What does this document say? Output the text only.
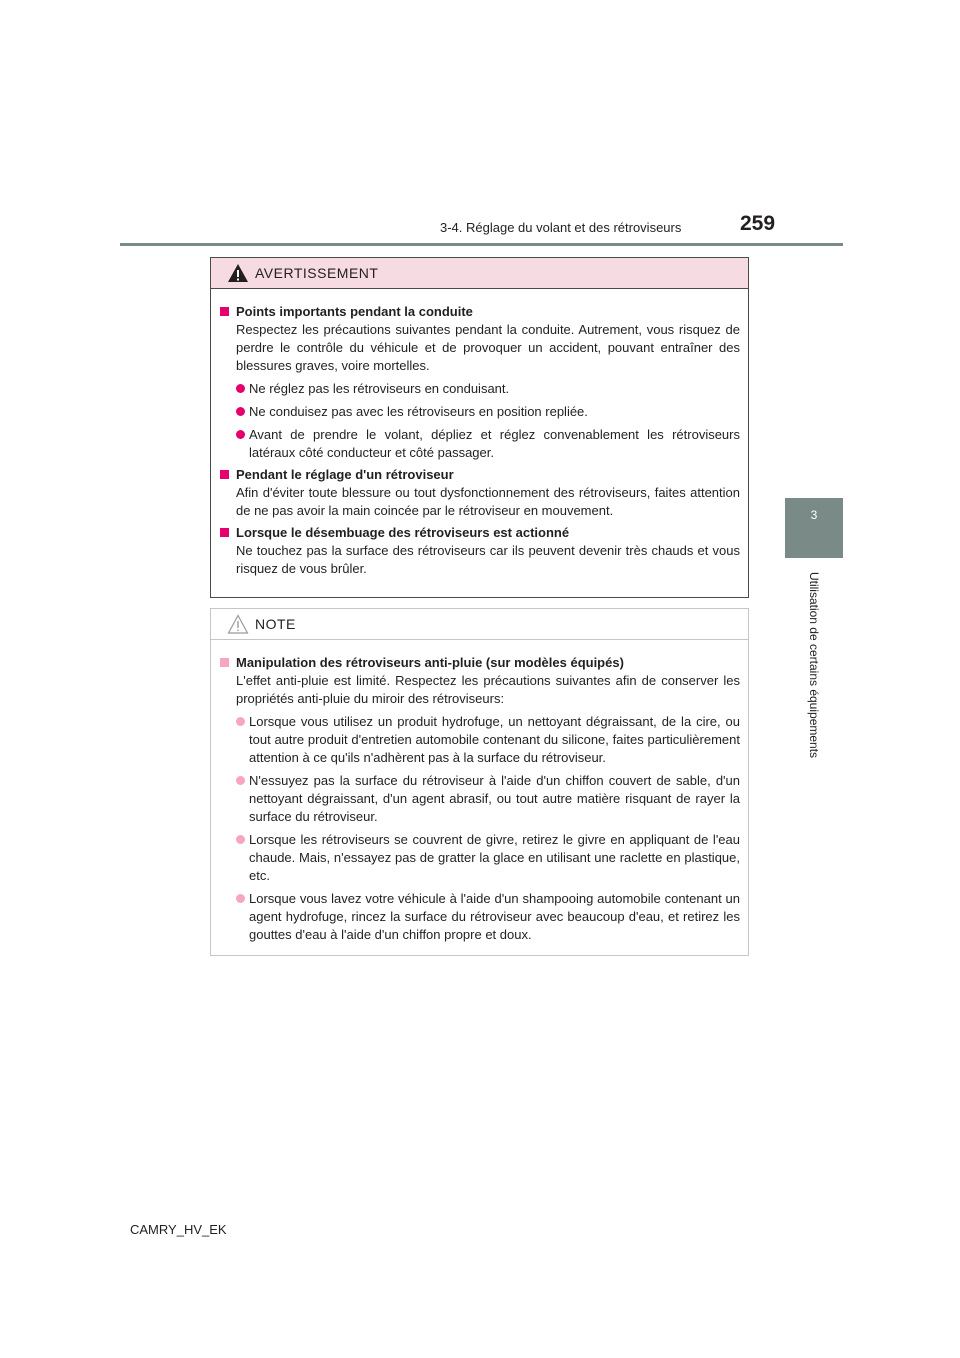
3-4. Réglage du volant et des rétroviseurs	259
3
Utilisation de certains équipements
AVERTISSEMENT
Points importants pendant la conduite
Respectez les précautions suivantes pendant la conduite. Autrement, vous risquez de perdre le contrôle du véhicule et de provoquer un accident, pouvant entraîner des blessures graves, voire mortelles.
Ne réglez pas les rétroviseurs en conduisant.
Ne conduisez pas avec les rétroviseurs en position repliée.
Avant de prendre le volant, dépliez et réglez convenablement les rétroviseurs latéraux côté conducteur et côté passager.
Pendant le réglage d'un rétroviseur
Afin d'éviter toute blessure ou tout dysfonctionnement des rétroviseurs, faites attention de ne pas avoir la main coincée par le rétroviseur en mouvement.
Lorsque le désembuage des rétroviseurs est actionné
Ne touchez pas la surface des rétroviseurs car ils peuvent devenir très chauds et vous risquez de vous brûler.
NOTE
Manipulation des rétroviseurs anti-pluie (sur modèles équipés)
L'effet anti-pluie est limité. Respectez les précautions suivantes afin de conserver les propriétés anti-pluie du miroir des rétroviseurs:
Lorsque vous utilisez un produit hydrofuge, un nettoyant dégraissant, de la cire, ou tout autre produit d'entretien automobile contenant du silicone, faites particulièrement attention à ce qu'ils n'adhèrent pas à la surface du rétroviseur.
N'essuyez pas la surface du rétroviseur à l'aide d'un chiffon couvert de sable, d'un nettoyant dégraissant, d'un agent abrasif, ou tout autre matière risquant de rayer la surface du rétroviseur.
Lorsque les rétroviseurs se couvrent de givre, retirez le givre en appliquant de l'eau chaude. Mais, n'essayez pas de gratter la glace en utilisant une raclette en plastique, etc.
Lorsque vous lavez votre véhicule à l'aide d'un shampooing automobile contenant un agent hydrofuge, rincez la surface du rétroviseur avec beaucoup d'eau, et retirez les gouttes d'eau à l'aide d'un chiffon propre et doux.
CAMRY_HV_EK
